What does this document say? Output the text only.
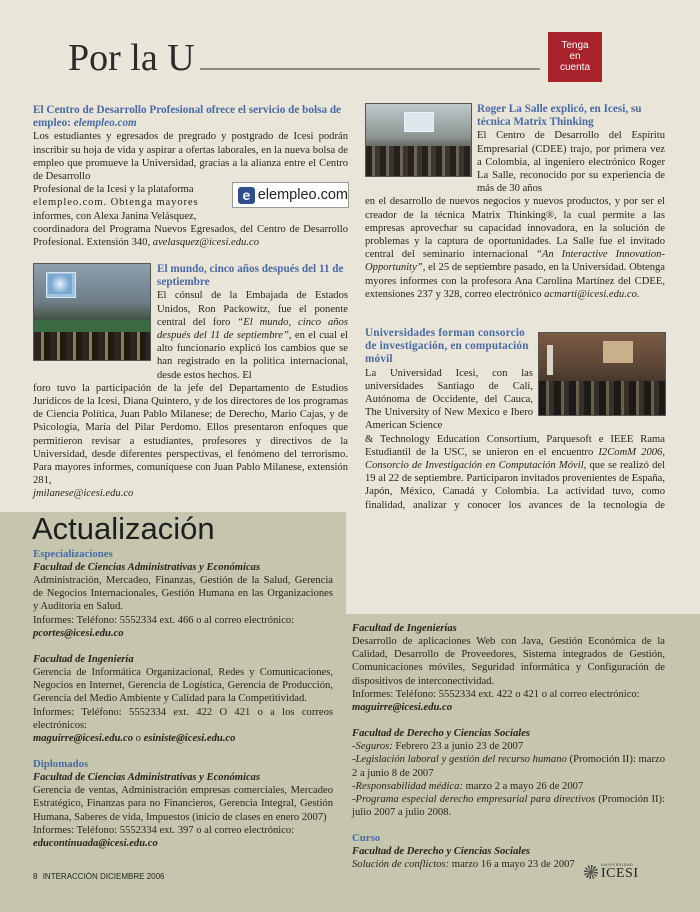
Por la U	Tenga
en
cuenta

El Centro de Desarrollo Profesional ofrece el servicio de bolsa de empleo: elempleo.com

Los estudiantes y egresados de pregrado y postgrado de Icesi podrán inscribir su hoja de vida y aspirar a ofertas laborales, en la nueva bolsa de empleo que promueve la Universidad, gracias a la alianza entre el Centro de Desarrollo

Profesional de la Icesi y la plataforma

elempleo.com. Obtenga mayores

informes, con Alexa Janina Velásquez,

coordinadora del Programa Nuevos Egresados, del Centro de Desarrollo Profesional. Extensión 340, avelasquez@icesi.edu.co

e elempleo.com

El mundo, cinco años después del 11 de septiembre

El cónsul de la Embajada de Estados Unidos, Ron Packowitz, fue el ponente central del foro “El mundo, cinco años después del 11 de septiembre”, en el cual el alto funcionario explicó los cambios que se han registrado en la política internacional, desde estos hechos. El

foro tuvo la participación de la jefe del Departamento de Estudios Jurídicos de la Icesi, Diana Quintero, y de los directores de los programas de Ciencia Política, Juan Pablo Milanese; de Derecho, Mario Cajas, y de Psicología, María del Pilar Perdomo. Ellos presentaron enfoques que permitieron revisar a estudiantes, profesores y directivos de la Universidad, desde diferentes perspectivas, el fenómeno del terrorismo. Para mayores informes, comuníquese con Juan Pablo Milanese, extensión 281,

jmilanese@icesi.edu.co

Roger La Salle explicó, en Icesi, su técnica Matrix Thinking

El Centro de Desarrollo del Espíritu Empresarial (CDEE) trajo, por primera vez a Colombia, al ingeniero electrónico Roger La Salle, reconocido por su experiencia de más de 30 años

en el desarrollo de nuevos negocios y nuevos productos, y por ser el creador de la técnica Matrix Thinking®, la cual permite a las empresas aprovechar su capacidad innovadora, en la solución de problemas y la captura de oportunidades. La Salle fue el invitado central del seminario internacional “An Interactive Innovation- Opportunity”, el 25 de septiembre pasado, en la Universidad. Obtenga myores informes con la profesora Ana Carolina Martínez del CDEE, extensiones 237 y 328, correo electrónico acmarti@icesi.edu.co.

Universidades forman consorcio de investigación, en computación móvil

La Universidad Icesi, con las universidades Santiago de Cali, Autónoma de Occidente, del Cauca, The University of New Mexico e Ibero American Science

& Technology Education Consortium, Parquesoft e IEEE Rama Estudiantil de la USC, se unieron en el encuentro I2ComM 2006, Consorcio de Investigación en Computación Móvil, que se realizó del 19 al 22 de septiembre. Participaron invitados provenientes de España, Japón, México, Canadá y Colombia. La actividad tuvo, como finalidad, analizar y conocer los avances de la tecnología de

Actualización

Especializaciones

Facultad de Ciencias Administrativas y Económicas

Administración, Mercadeo, Finanzas, Gestión de la Salud, Gerencia de Negocios Internacionales, Gestión Humana en las Organizaciones y Auditoria en Salud.

Informes: Teléfono: 5552334 ext. 466 o al correo electrónico:

pcortes@icesi.edu.co

Facultad de Ingeniería

Gerencia de Informática Organizacional, Redes y Comunicaciones, Negocios en Internet, Gerencia de Logística, Gerencia de Producción, Gerencia del Medio Ambiente y Calidad para la Competitividad.

Informes: Teléfono: 5552334 ext. 422 O 421 o a los correos electrónicos:

maguirre@icesi.edu.co o esiniste@icesi.edu.co

Diplomados

Facultad de Ciencias Administrativas y Económicas

Gerencia de ventas, Administración empresas comerciales, Mercadeo Estratégico, Finanzas para no Financieros, Gerencia Integral, Gestión Humana, Saberes de vida, Impuestos (inicio de clases en enero 2007)

Informes: Teléfono: 5552334 ext. 397 o al correo electrónico:

educontinuada@icesi.edu.co

Facultad de Ingenierías

Desarrollo de aplicaciones Web con Java, Gestión Económica de la Calidad, Desarrollo de Proveedores, Sistema integrados de Gestión, Comunicaciones móviles, Seguridad informática y Configuración de dispositivos de interconectividad.

Informes: Teléfono: 5552334 ext. 422 o 421 o al correo electrónico:

maguirre@icesi.edu.co

Facultad de Derecho y Ciencias Sociales

-Seguros: Febrero 23 a junio 23 de 2007

-Legislación laboral y gestión del recurso humano (Promoción II): marzo 2 a junio 8 de 2007

-Responsabilidad médica: marzo 2 a mayo 26 de 2007

-Programa especial derecho empresarial para directivos (Promoción II): julio 2007 a julio 2008.

Curso

Facultad de Derecho y Ciencias Sociales

Solución de conflictos: marzo 16 a mayo 23 de 2007

8 INTERACCIÓN DICIEMBRE 2006
UNIVERSIDAD
ICESI
